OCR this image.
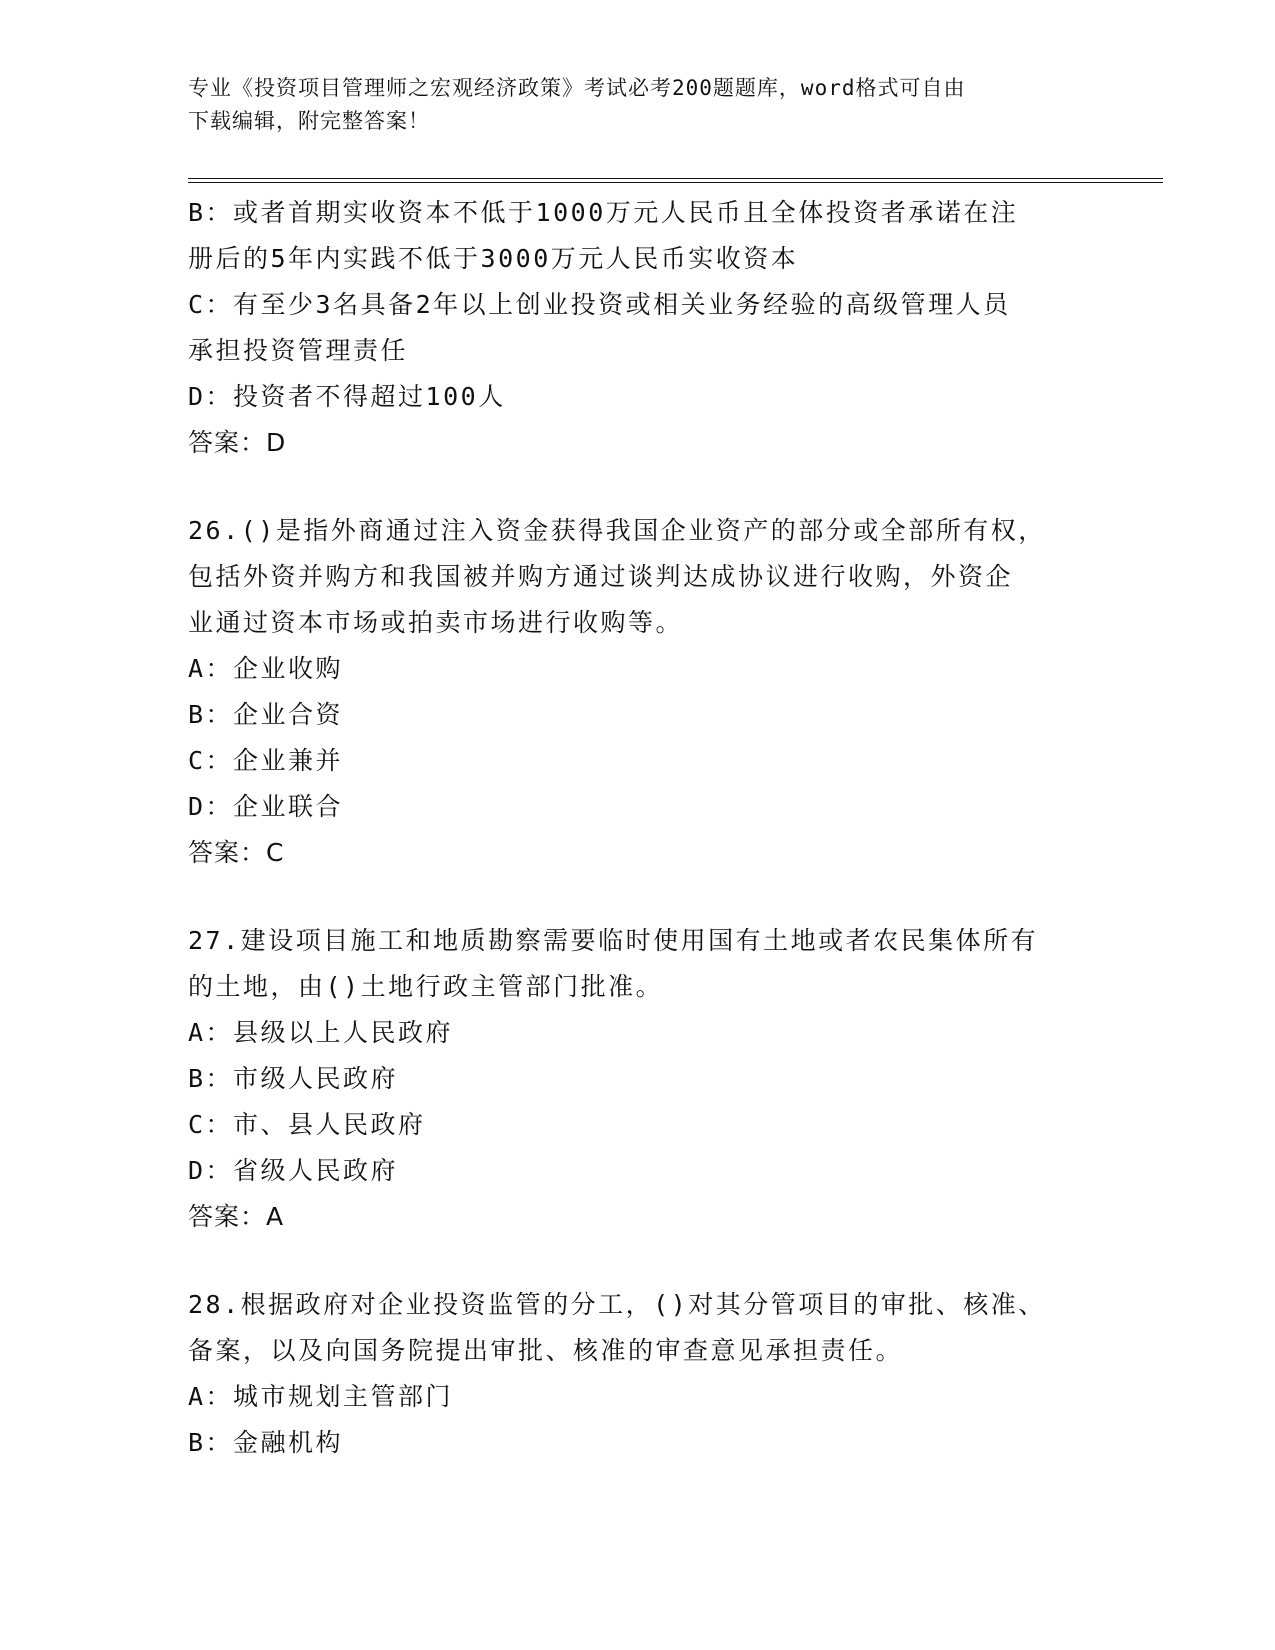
专业《投资项目管理师之宏观经济政策》考试必考200题题库，word格式可自由
下载编辑，附完整答案！
B：或者首期实收资本不低于1000万元人民币且全体投资者承诺在注
册后的5年内实践不低于3000万元人民币实收资本
C：有至少3名具备2年以上创业投资或相关业务经验的高级管理人员
承担投资管理责任
D：投资者不得超过100人
答案：D
26.()是指外商通过注入资金获得我国企业资产的部分或全部所有权，
包括外资并购方和我国被并购方通过谈判达成协议进行收购，外资企
业通过资本市场或拍卖市场进行收购等。
A：企业收购
B：企业合资
C：企业兼并
D：企业联合
答案：C
27.建设项目施工和地质勘察需要临时使用国有土地或者农民集体所有
的土地，由()土地行政主管部门批准。
A：县级以上人民政府
B：市级人民政府
C：市、县人民政府
D：省级人民政府
答案：A
28.根据政府对企业投资监管的分工，()对其分管项目的审批、核准、
备案，以及向国务院提出审批、核准的审查意见承担责任。
A：城市规划主管部门
B：金融机构
